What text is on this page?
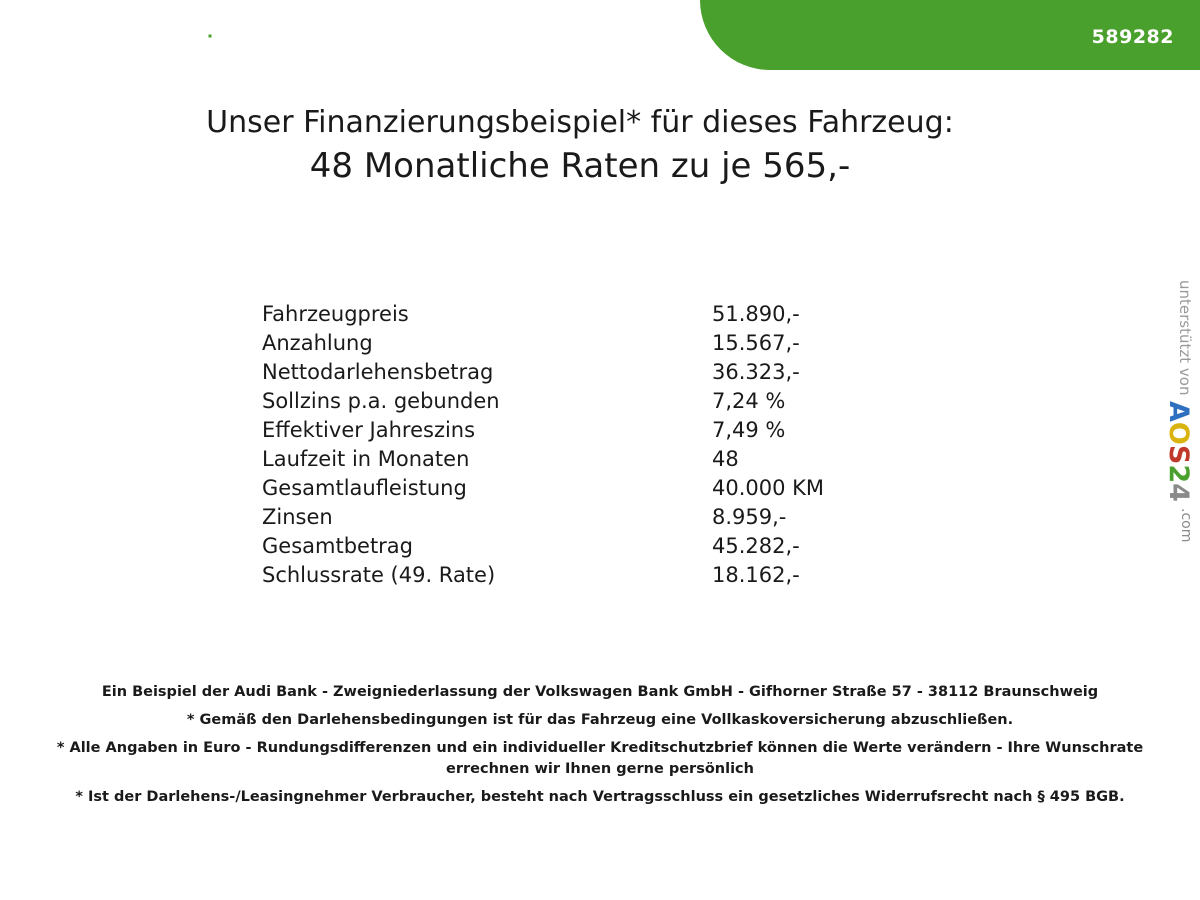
FESER GRAF	589282
Unser Finanzierungsbeispiel* für dieses Fahrzeug:
48 Monatliche Raten zu je 565,-
Fahrzeugpreis	51.890,-
Anzahlung	15.567,-
Nettodarlehensbetrag	36.323,-
Sollzins p.a. gebunden	7,24 %
Effektiver Jahreszins	7,49 %
Laufzeit in Monaten	48
Gesamtlaufleistung	40.000 KM
Zinsen	8.959,-
Gesamtbetrag	45.282,-
Schlussrate (49. Rate)	18.162,-

Ein Beispiel der Audi Bank - Zweigniederlassung der Volkswagen Bank GmbH - Gifhorner Straße 57 - 38112 Braunschweig

* Gemäß den Darlehensbedingungen ist für das Fahrzeug eine Vollkaskoversicherung abzuschließen.

* Alle Angaben in Euro - Rundungsdifferenzen und ein individueller Kreditschutzbrief können die Werte verändern - Ihre Wunschrate errechnen wir Ihnen gerne persönlich

* Ist der Darlehens-/Leasingnehmer Verbraucher, besteht nach Vertragsschluss ein gesetzliches Widerrufsrecht nach § 495 BGB.

unterstützt von
AOS24
.com
